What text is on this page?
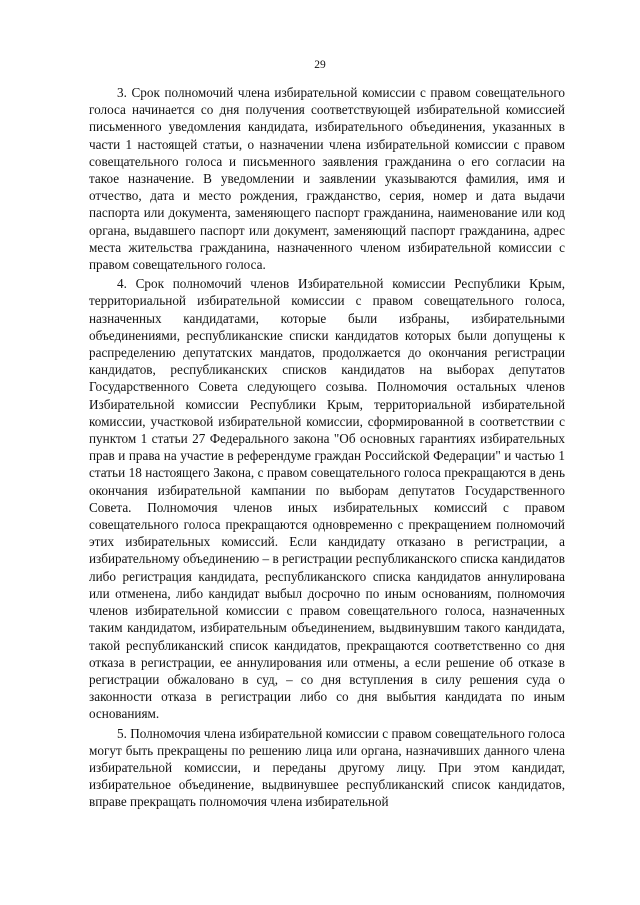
29

3. Срок полномочий члена избирательной комиссии с правом совещательного голоса начинается со дня получения соответствующей избирательной комиссией письменного уведомления кандидата, избирательного объединения, указанных в части 1 настоящей статьи, о назначении члена избирательной комиссии с правом совещательного голоса и письменного заявления гражданина о его согласии на такое назначение. В уведомлении и заявлении указываются фамилия, имя и отчество, дата и место рождения, гражданство, серия, номер и дата выдачи паспорта или документа, заменяющего паспорт гражданина, наименование или код органа, выдавшего паспорт или документ, заменяющий паспорт гражданина, адрес места жительства гражданина, назначенного членом избирательной комиссии с правом совещательного голоса.

4. Срок полномочий членов Избирательной комиссии Республики Крым, территориальной избирательной комиссии с правом совещательного голоса, назначенных кандидатами, которые были избраны, избирательными объединениями, республиканские списки кандидатов которых были допущены к распределению депутатских мандатов, продолжается до окончания регистрации кандидатов, республиканских списков кандидатов на выборах депутатов Государственного Совета следующего созыва. Полномочия остальных членов Избирательной комиссии Республики Крым, территориальной избирательной комиссии, участковой избирательной комиссии, сформированной в соответствии с пунктом 1 статьи 27 Федерального закона "Об основных гарантиях избирательных прав и права на участие в референдуме граждан Российской Федерации" и частью 1 статьи 18 настоящего Закона, с правом совещательного голоса прекращаются в день окончания избирательной кампании по выборам депутатов Государственного Совета. Полномочия членов иных избирательных комиссий с правом совещательного голоса прекращаются одновременно с прекращением полномочий этих избирательных комиссий. Если кандидату отказано в регистрации, а избирательному объединению – в регистрации республиканского списка кандидатов либо регистрация кандидата, республиканского списка кандидатов аннулирована или отменена, либо кандидат выбыл досрочно по иным основаниям, полномочия членов избирательной комиссии с правом совещательного голоса, назначенных таким кандидатом, избирательным объединением, выдвинувшим такого кандидата, такой республиканский список кандидатов, прекращаются соответственно со дня отказа в регистрации, ее аннулирования или отмены, а если решение об отказе в регистрации обжаловано в суд, – со дня вступления в силу решения суда о законности отказа в регистрации либо со дня выбытия кандидата по иным основаниям.

5. Полномочия члена избирательной комиссии с правом совещательного голоса могут быть прекращены по решению лица или органа, назначивших данного члена избирательной комиссии, и переданы другому лицу. При этом кандидат, избирательное объединение, выдвинувшее республиканский список кандидатов, вправе прекращать полномочия члена избирательной
